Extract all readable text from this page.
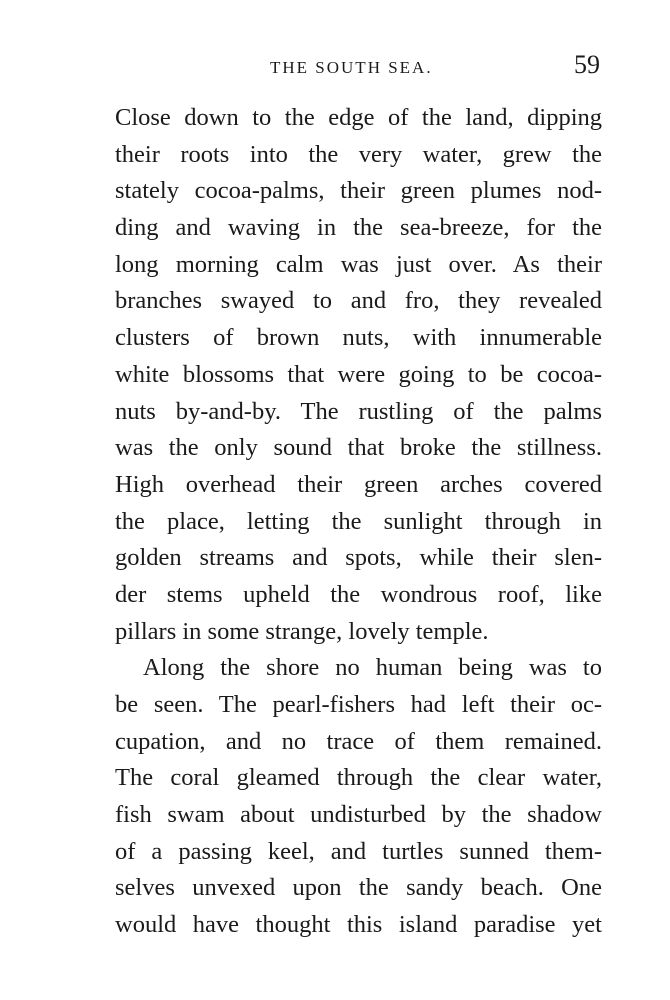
THE SOUTH SEA.	59
Close down to the edge of the land, dipping
their roots into the very water, grew the
stately cocoa-palms, their green plumes nod-
ding and waving in the sea-breeze, for the
long morning calm was just over. As their
branches swayed to and fro, they revealed
clusters of brown nuts, with innumerable
white blossoms that were going to be cocoa-
nuts by-and-by. The rustling of the palms
was the only sound that broke the stillness.
High overhead their green arches covered
the place, letting the sunlight through in
golden streams and spots, while their slen-
der stems upheld the wondrous roof, like
pillars in some strange, lovely temple.
Along the shore no human being was to
be seen. The pearl-fishers had left their oc-
cupation, and no trace of them remained.
The coral gleamed through the clear water,
fish swam about undisturbed by the shadow
of a passing keel, and turtles sunned them-
selves unvexed upon the sandy beach. One
would have thought this island paradise yet
